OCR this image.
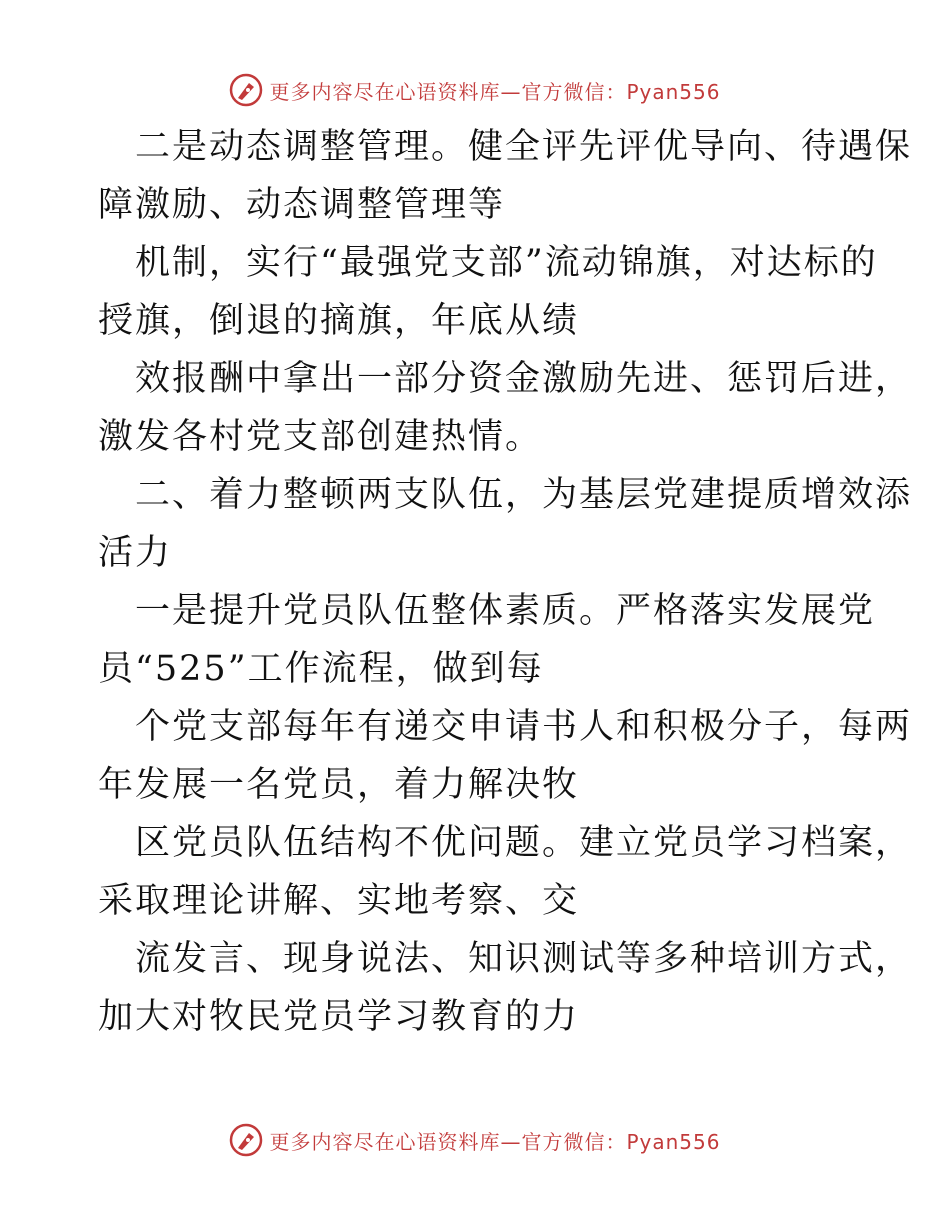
更多内容尽在心语资料库—官方微信：Pyan556

二是动态调整管理。健全评先评优导向、待遇保
障激励、动态调整管理等

机制，实行“最强党支部”流动锦旗，对达标的
授旗，倒退的摘旗，年底从绩

效报酬中拿出一部分资金激励先进、惩罚后进，
激发各村党支部创建热情。

二、着力整顿两支队伍，为基层党建提质增效添
活力

一是提升党员队伍整体素质。严格落实发展党
员“525”工作流程，做到每

个党支部每年有递交申请书人和积极分子，每两
年发展一名党员，着力解决牧

区党员队伍结构不优问题。建立党员学习档案，
采取理论讲解、实地考察、交

流发言、现身说法、知识测试等多种培训方式，
加大对牧民党员学习教育的力

更多内容尽在心语资料库—官方微信：Pyan556
